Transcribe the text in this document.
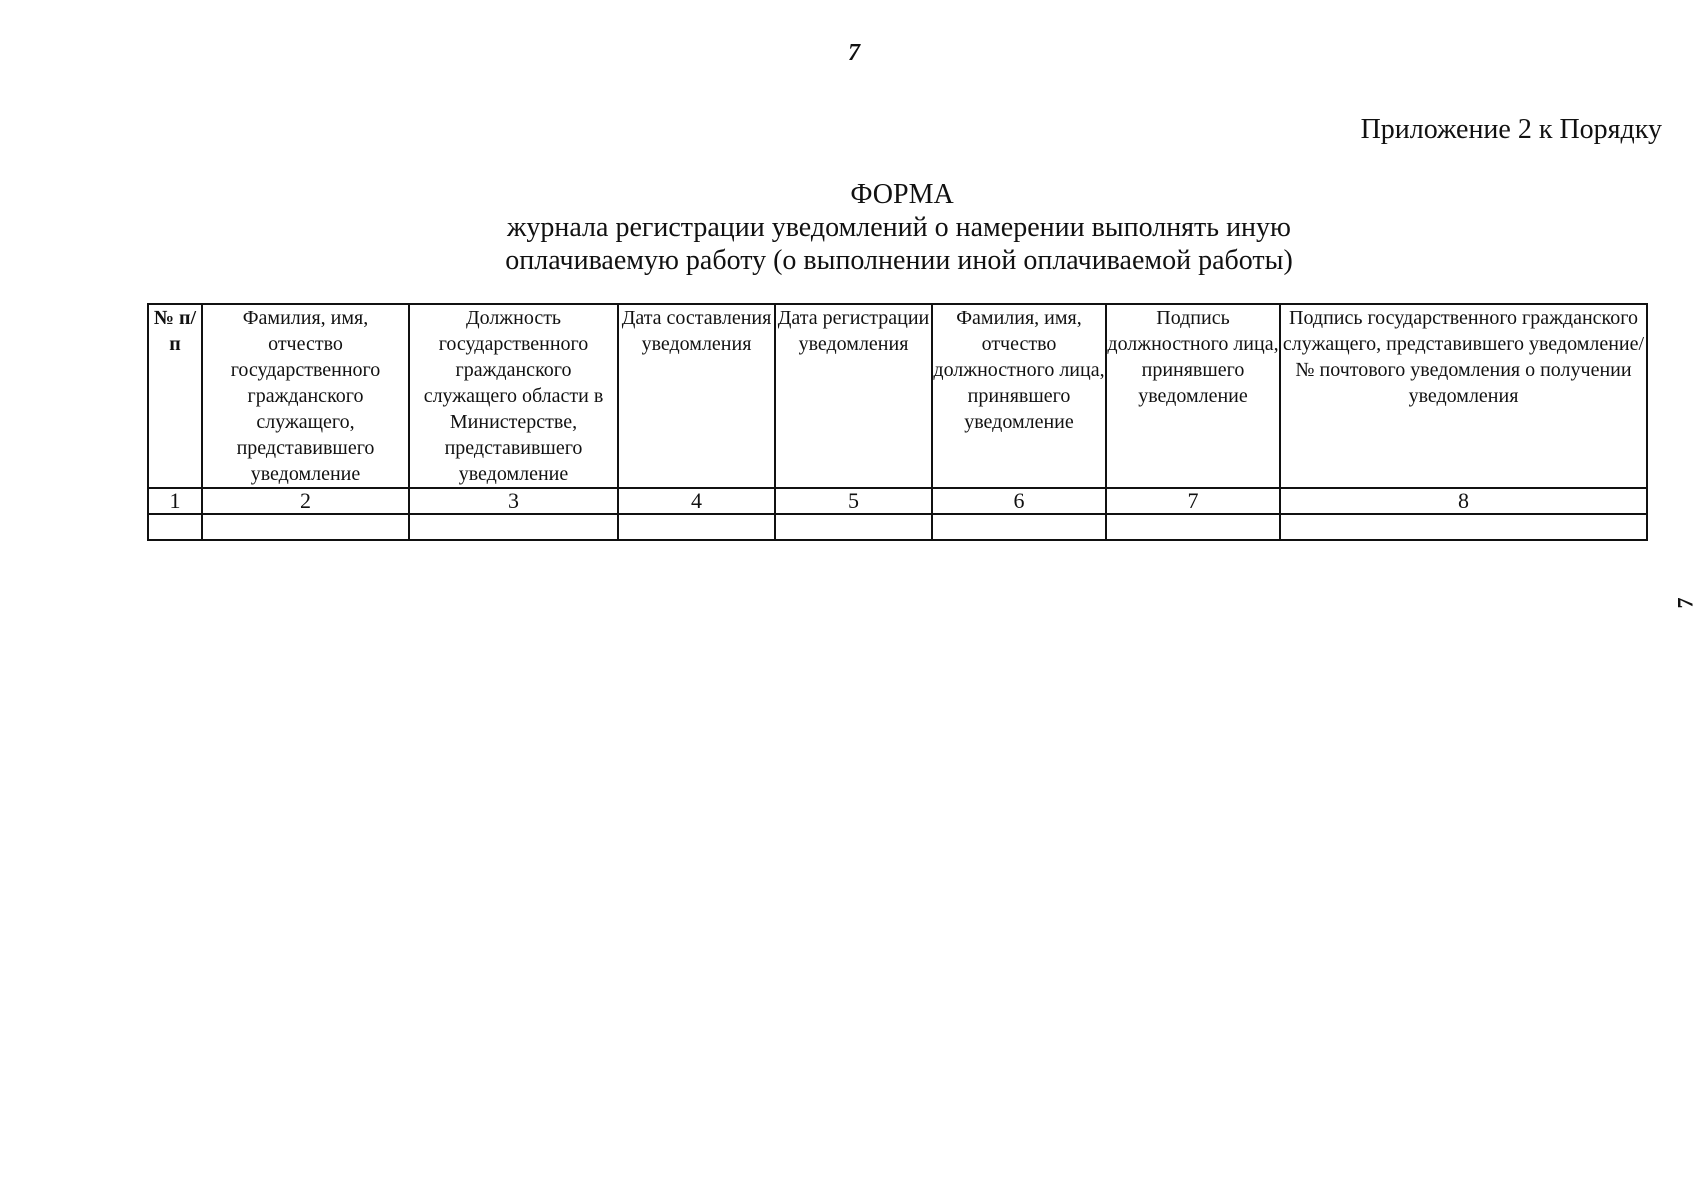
7
Приложение 2 к Порядку
ФОРМА
журнала регистрации уведомлений о намерении выполнять иную
оплачиваемую работу (о выполнении иной оплачиваемой работы)
№ п/п	Фамилия, имя, отчество государственного гражданского служащего, представившего уведомление	Должность государственного гражданского служащего области в Министерстве, представившего уведомление	Дата составления уведомления	Дата регистрации уведомления	Фамилия, имя, отчество должностного лица, принявшего уведомление	Подпись должностного лица, принявшего уведомление	Подпись государственного гражданского служащего, представившего уведомление/ № почтового уведомления о получении уведомления
1	2	3	4	5	6	7	8

7
